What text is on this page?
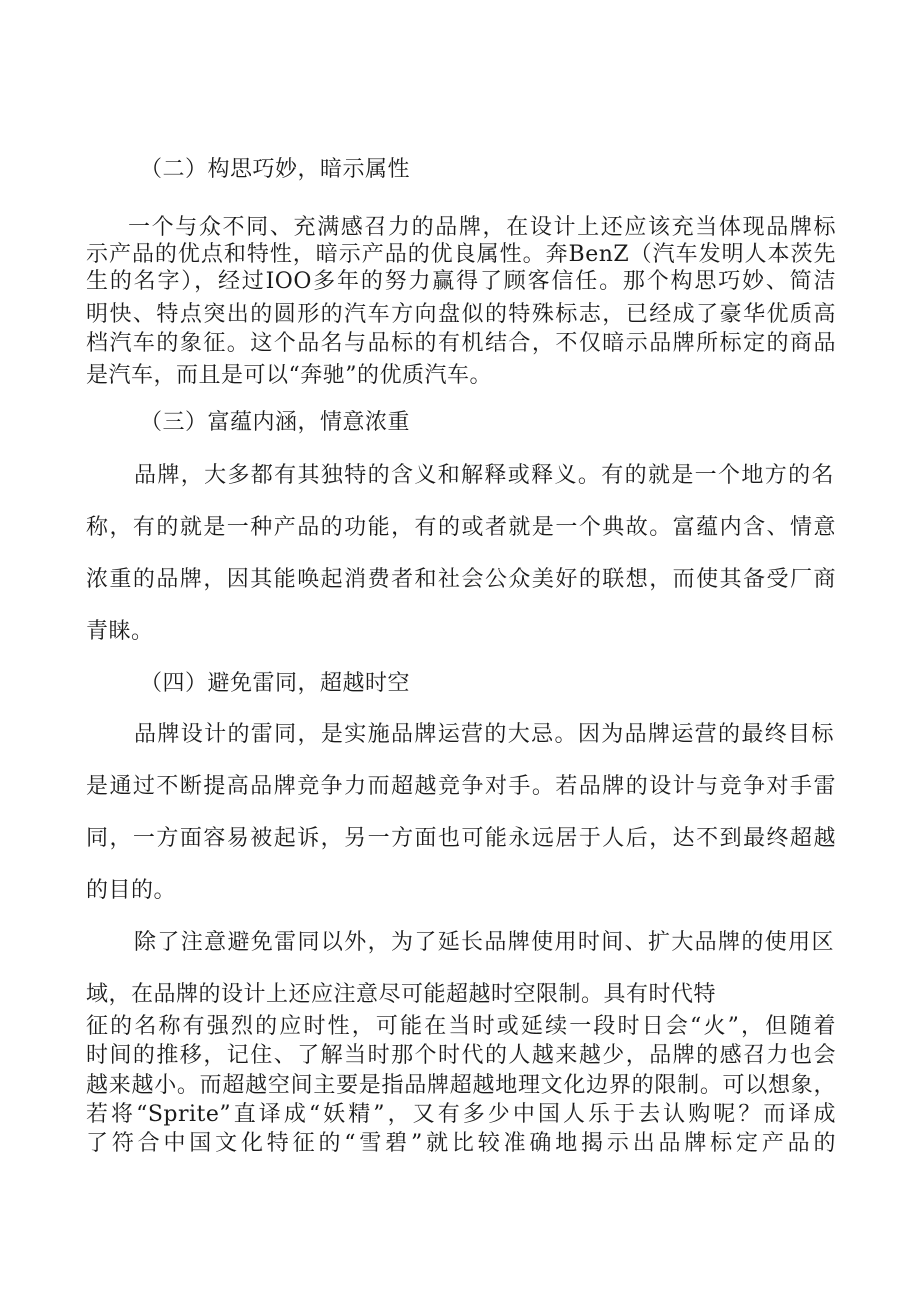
（二）构思巧妙，暗示属性
一个与众不同、充满感召力的品牌，在设计上还应该充当体现品牌标
示产品的优点和特性，暗示产品的优良属性。奔BenZ（汽车发明人本茨先
生的名字），经过IOO多年的努力赢得了顾客信任。那个构思巧妙、简洁
明快、特点突出的圆形的汽车方向盘似的特殊标志，已经成了豪华优质高
档汽车的象征。这个品名与品标的有机结合，不仅暗示品牌所标定的商品
是汽车，而且是可以“奔驰”的优质汽车。
（三）富蕴内涵，情意浓重
品牌，大多都有其独特的含义和解释或释义。有的就是一个地方的名
称，有的就是一种产品的功能，有的或者就是一个典故。富蕴内含、情意
浓重的品牌，因其能唤起消费者和社会公众美好的联想，而使其备受厂商
青睐。
（四）避免雷同，超越时空
品牌设计的雷同，是实施品牌运营的大忌。因为品牌运营的最终目标
是通过不断提高品牌竞争力而超越竞争对手。若品牌的设计与竞争对手雷
同，一方面容易被起诉，另一方面也可能永远居于人后，达不到最终超越
的目的。
除了注意避免雷同以外，为了延长品牌使用时间、扩大品牌的使用区
域，在品牌的设计上还应注意尽可能超越时空限制。具有时代特
征的名称有强烈的应时性，可能在当时或延续一段时日会“火”，但随着
时间的推移，记住、了解当时那个时代的人越来越少，品牌的感召力也会
越来越小。而超越空间主要是指品牌超越地理文化边界的限制。可以想象，
若将“Sprite”直译成“妖精”，又有多少中国人乐于去认购呢？而译成
了符合中国文化特征的“雪碧”就比较准确地揭示出品牌标定产品的
